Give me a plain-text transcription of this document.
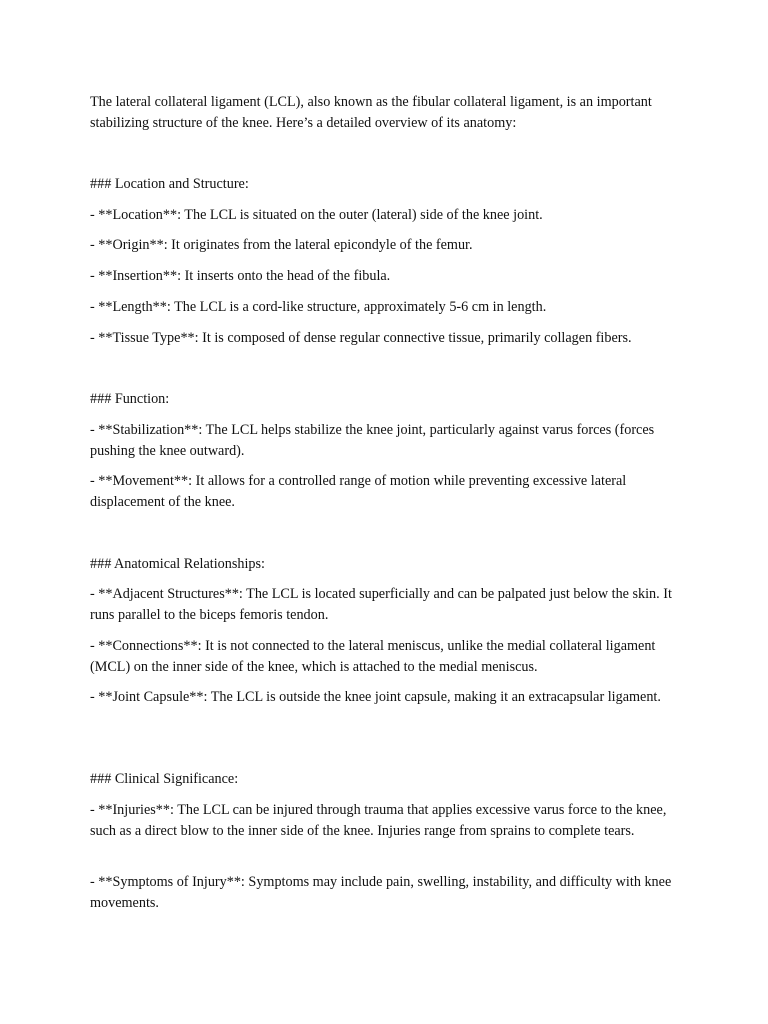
The lateral collateral ligament (LCL), also known as the fibular collateral ligament, is an important stabilizing structure of the knee. Here’s a detailed overview of its anatomy:

### Location and Structure:

- **Location**: The LCL is situated on the outer (lateral) side of the knee joint.

- **Origin**: It originates from the lateral epicondyle of the femur.

- **Insertion**: It inserts onto the head of the fibula.

- **Length**: The LCL is a cord-like structure, approximately 5-6 cm in length.

- **Tissue Type**: It is composed of dense regular connective tissue, primarily collagen fibers.

### Function:

- **Stabilization**: The LCL helps stabilize the knee joint, particularly against varus forces (forces pushing the knee outward).

- **Movement**: It allows for a controlled range of motion while preventing excessive lateral displacement of the knee.

### Anatomical Relationships:

- **Adjacent Structures**: The LCL is located superficially and can be palpated just below the skin. It runs parallel to the biceps femoris tendon.

- **Connections**: It is not connected to the lateral meniscus, unlike the medial collateral ligament (MCL) on the inner side of the knee, which is attached to the medial meniscus.

- **Joint Capsule**: The LCL is outside the knee joint capsule, making it an extracapsular ligament.

### Clinical Significance:

- **Injuries**: The LCL can be injured through trauma that applies excessive varus force to the knee, such as a direct blow to the inner side of the knee. Injuries range from sprains to complete tears.

- **Symptoms of Injury**: Symptoms may include pain, swelling, instability, and difficulty with knee movements.
